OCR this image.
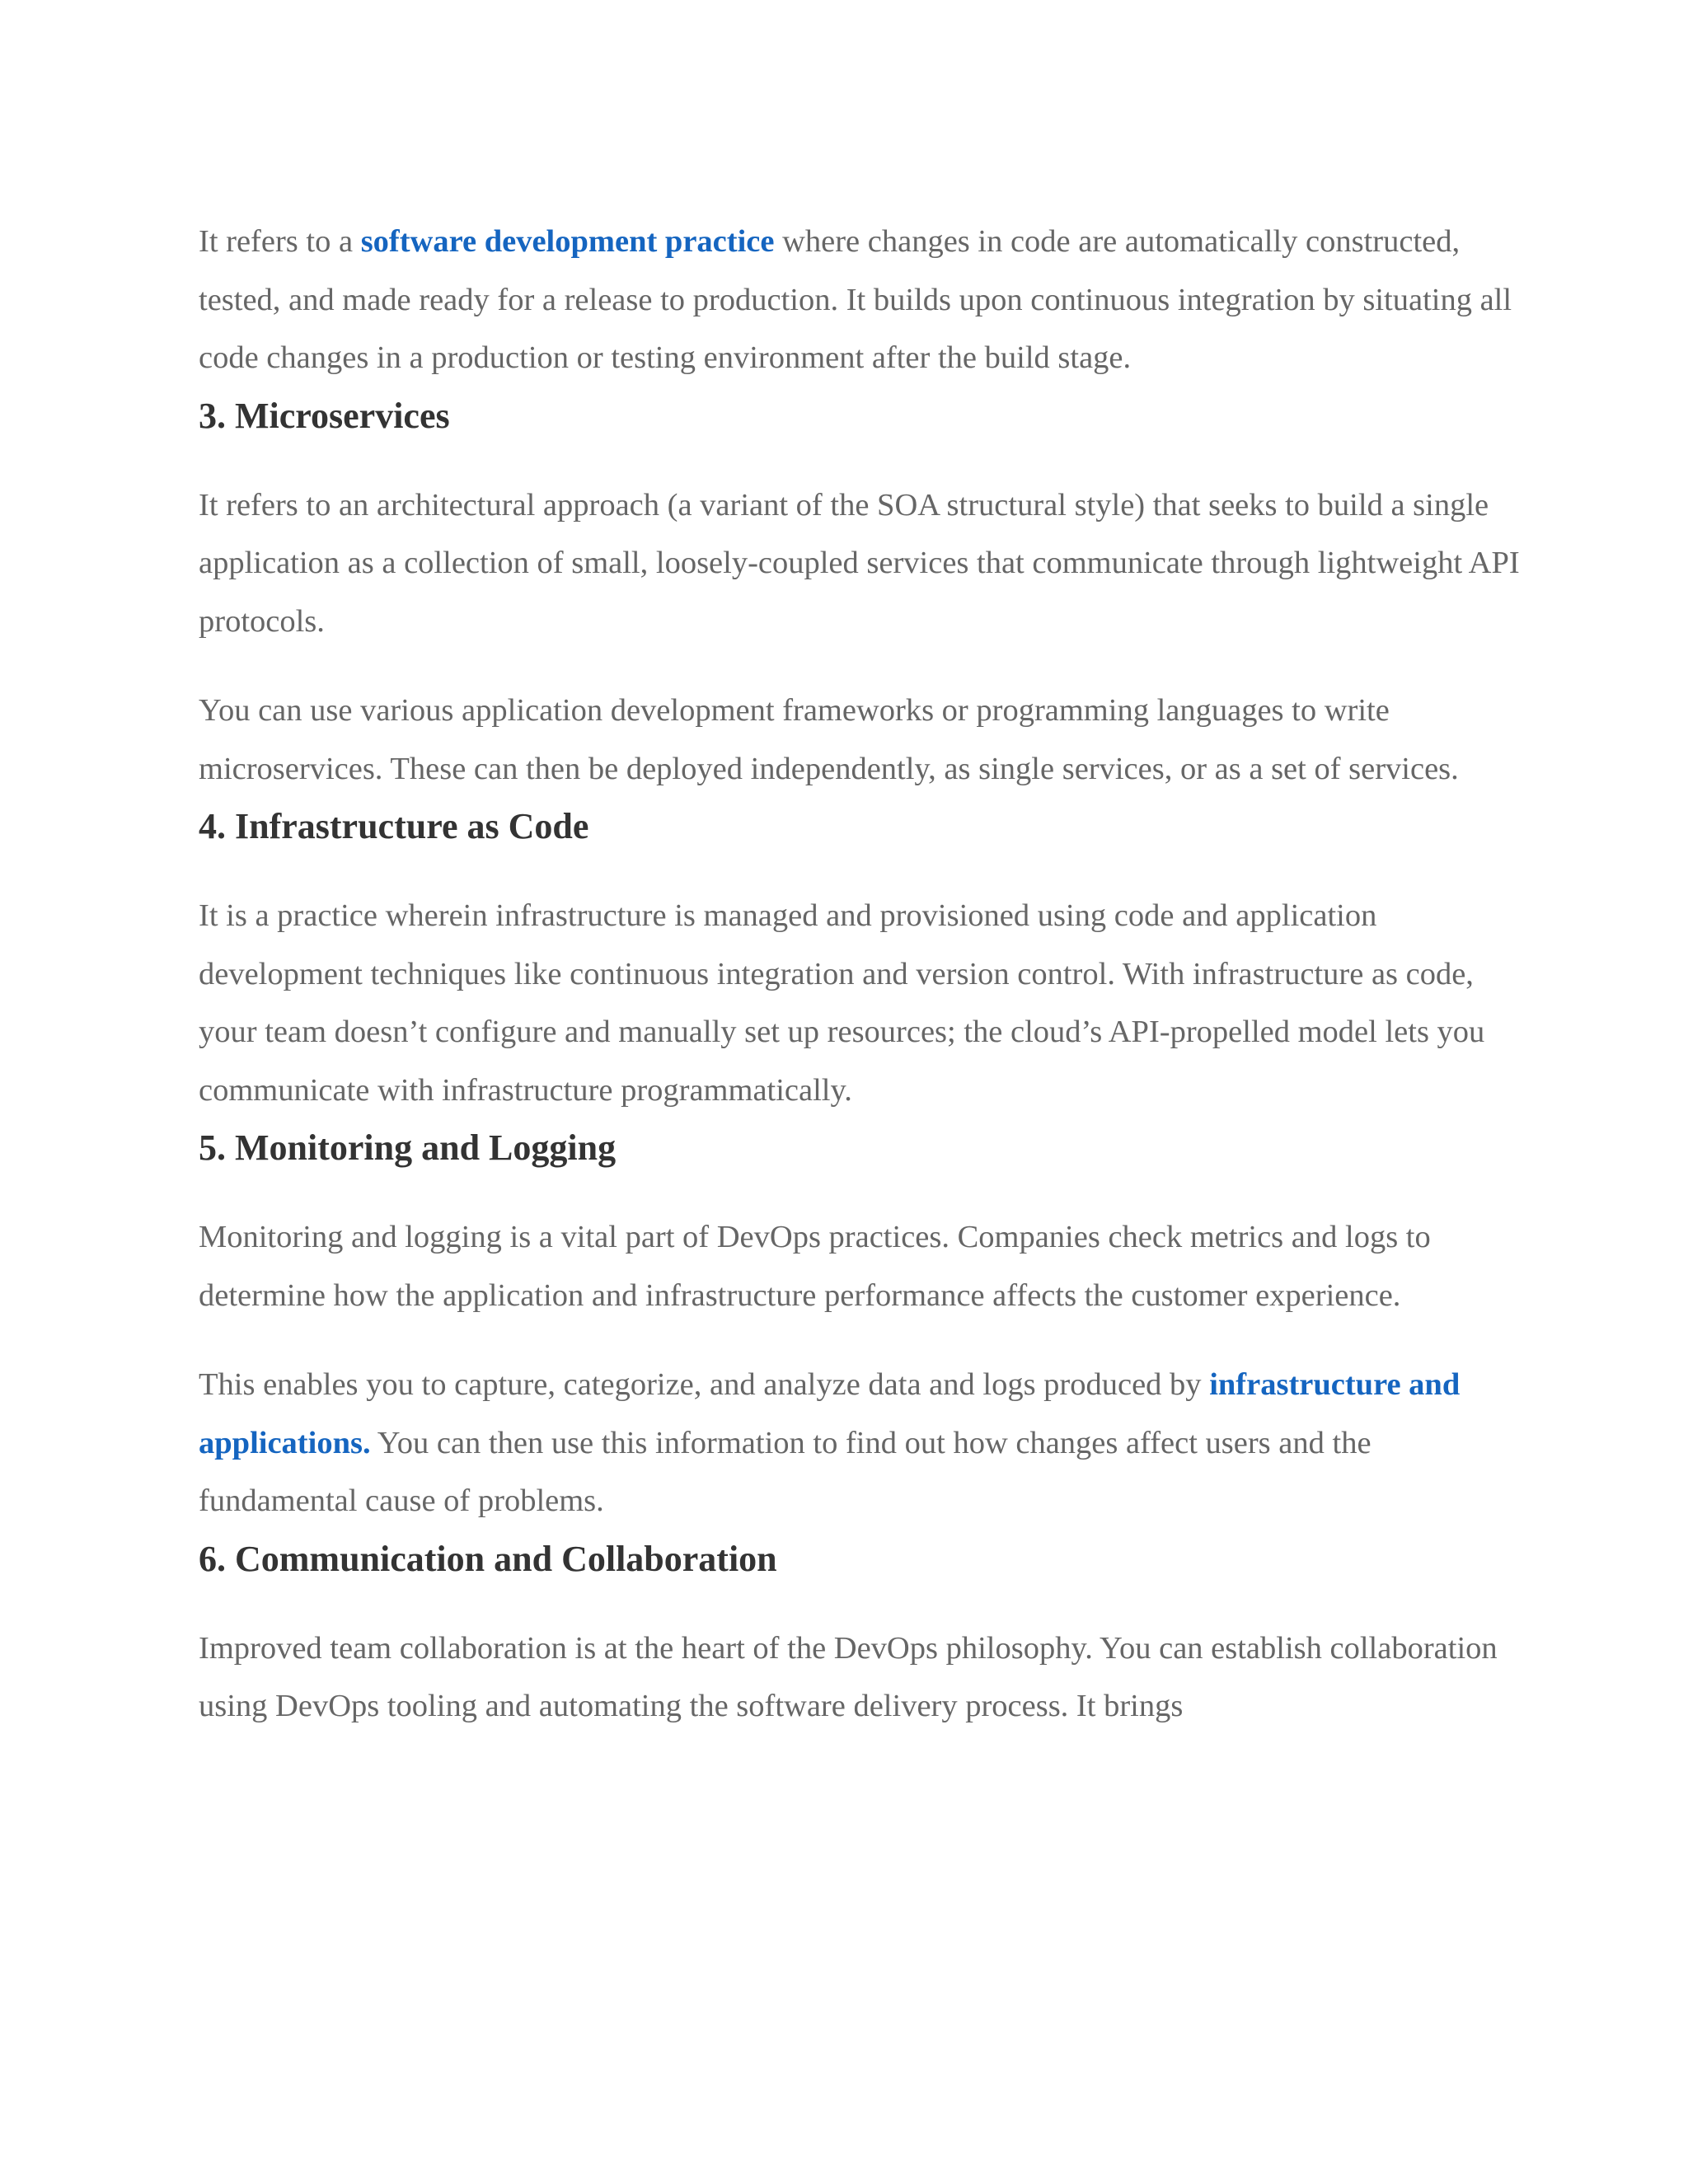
It refers to a software development practice where changes in code are automatically constructed, tested, and made ready for a release to production. It builds upon continuous integration by situating all code changes in a production or testing environment after the build stage.

3. Microservices

It refers to an architectural approach (a variant of the SOA structural style) that seeks to build a single application as a collection of small, loosely-coupled services that communicate through lightweight API protocols.

You can use various application development frameworks or programming languages to write microservices. These can then be deployed independently, as single services, or as a set of services.

4. Infrastructure as Code

It is a practice wherein infrastructure is managed and provisioned using code and application development techniques like continuous integration and version control. With infrastructure as code, your team doesn’t configure and manually set up resources; the cloud’s API-propelled model lets you communicate with infrastructure programmatically.

5. Monitoring and Logging

Monitoring and logging is a vital part of DevOps practices. Companies check metrics and logs to determine how the application and infrastructure performance affects the customer experience.

This enables you to capture, categorize, and analyze data and logs produced by infrastructure and applications. You can then use this information to find out how changes affect users and the fundamental cause of problems.

6. Communication and Collaboration

Improved team collaboration is at the heart of the DevOps philosophy. You can establish collaboration using DevOps tooling and automating the software delivery process. It brings
